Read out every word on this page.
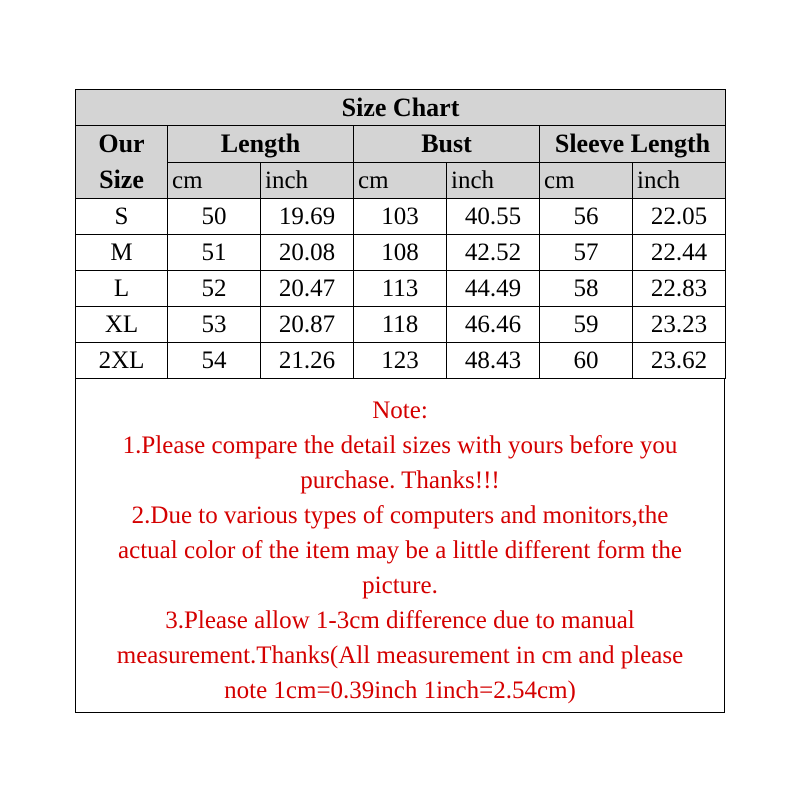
Size Chart						
Our
Size	Length		Bust		Sleeve Length	
	cm	inch	cm	inch	cm	inch
S	50	19.69	103	40.55	56	22.05
M	51	20.08	108	42.52	57	22.44
L	52	20.47	113	44.49	58	22.83
XL	53	20.87	118	46.46	59	23.23
2XL	54	21.26	123	48.43	60	23.62
Note:
1.Please compare the detail sizes with yours before you
purchase. Thanks!!!
2.Due to various types of computers and monitors,the
actual color of the item may be a little different form the
picture.
3.Please allow 1-3cm difference due to manual
measurement.Thanks(All measurement in cm and please
note 1cm=0.39inch 1inch=2.54cm)
